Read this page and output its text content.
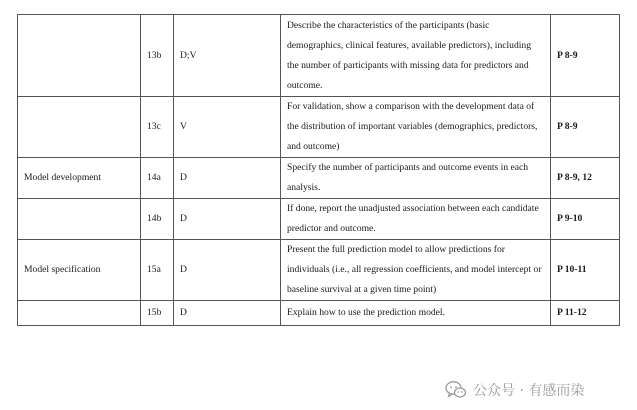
	13b	D;V	Describe the characteristics of the participants (basic demographics, clinical features, available predictors), including the number of participants with missing data for predictors and outcome.	P 8-9
	13c	V	For validation, show a comparison with the development data of the distribution of important variables (demographics, predictors, and outcome)	P 8-9
Model development	14a	D	Specify the number of participants and outcome events in each analysis.	P 8-9, 12
	14b	D	If done, report the unadjusted association between each candidate predictor and outcome.	P 9-10
Model specification	15a	D	Present the full prediction model to allow predictions for individuals (i.e., all regression coefficients, and model intercept or baseline survival at a given time point)	P 10-11
	15b	D	Explain how to use the prediction model.	P 11-12
公众号 · 有感而染
